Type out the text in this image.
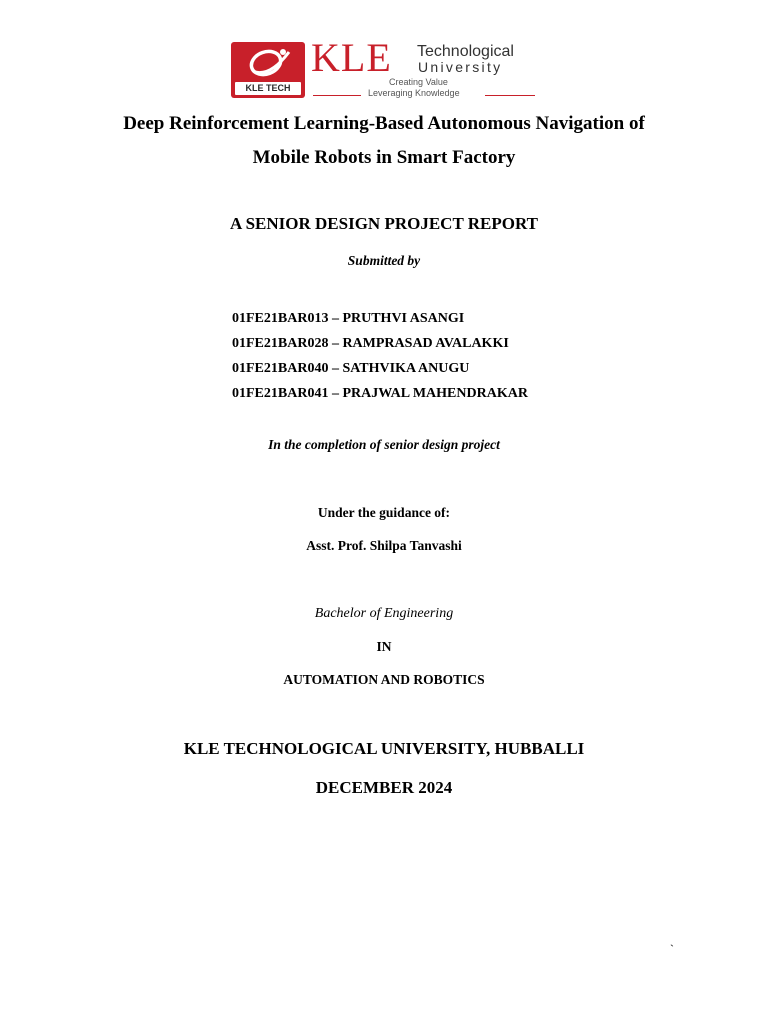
KLE TECH
KLE Technological
University
Creating Value
Leveraging Knowledge
Deep Reinforcement Learning-Based Autonomous Navigation of
Mobile Robots in Smart Factory
A SENIOR DESIGN PROJECT REPORT
Submitted by
01FE21BAR013 – PRUTHVI ASANGI
01FE21BAR028 – RAMPRASAD AVALAKKI
01FE21BAR040 – SATHVIKA ANUGU
01FE21BAR041 – PRAJWAL MAHENDRAKAR
In the completion of senior design project
Under the guidance of:
Asst. Prof. Shilpa Tanvashi
Bachelor of Engineering
IN
AUTOMATION AND ROBOTICS
KLE TECHNOLOGICAL UNIVERSITY, HUBBALLI
DECEMBER 2024
`
